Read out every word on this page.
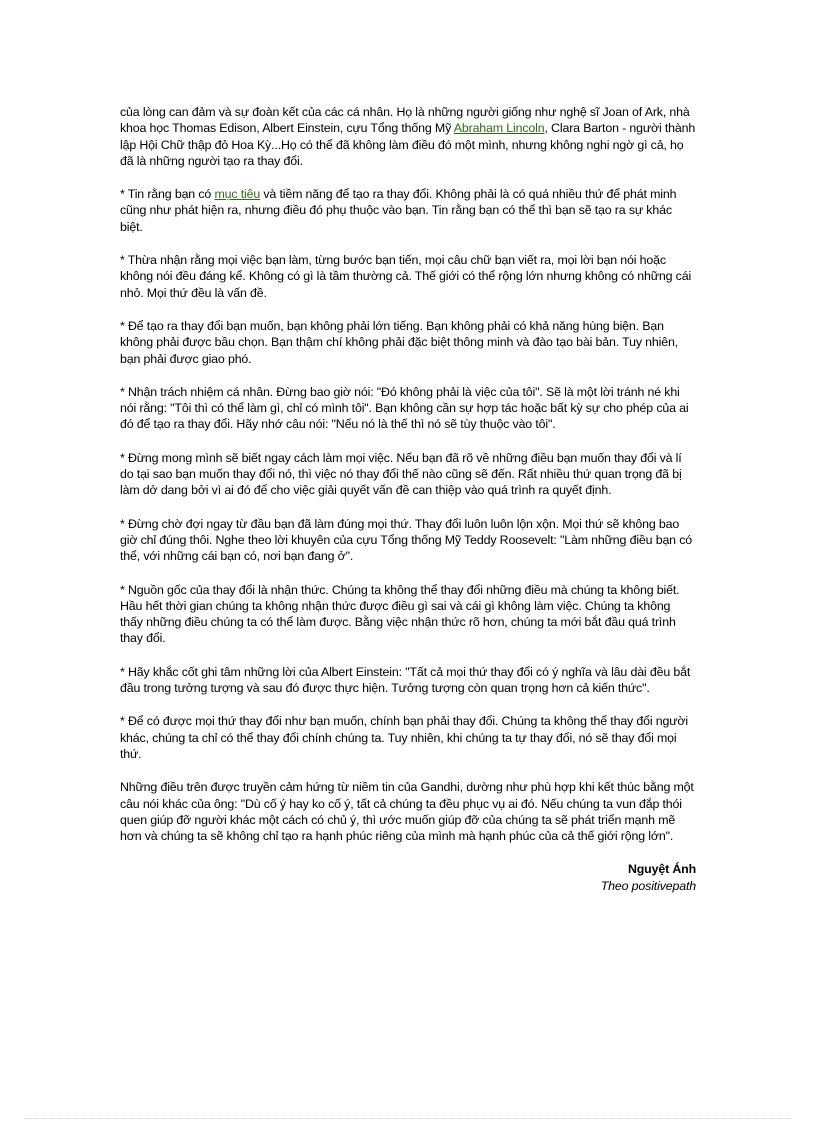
của lòng can đảm và sự đoàn kết của các cá nhân. Họ là những người giống như nghệ sĩ Joan of Ark, nhà khoa học Thomas Edison, Albert Einstein, cựu Tổng thống Mỹ Abraham Lincoln, Clara Barton - người thành lập Hội Chữ thập đỏ Hoa Kỳ...Họ có thể đã không làm điều đó một mình, nhưng không nghi ngờ gì cả, họ đã là những người tạo ra thay đổi.

* Tin rằng bạn có mục tiêu và tiềm năng để tạo ra thay đổi. Không phải là có quá nhiều thứ để phát minh cũng như phát hiện ra, nhưng điều đó phụ thuộc vào bạn. Tin rằng bạn có thể thì bạn sẽ tạo ra sự khác biệt.

* Thừa nhận rằng mọi việc bạn làm, từng bước bạn tiến, mọi câu chữ bạn viết ra, mọi lời bạn nói hoặc không nói đều đáng kể. Không có gì là tầm thường cả. Thế giới có thể rộng lớn nhưng không có những cái nhỏ. Mọi thứ đều là vấn đề.

* Để tạo ra thay đổi bạn muốn, bạn không phải lớn tiếng. Bạn không phải có khả năng hùng biện. Bạn không phải được bầu chọn. Bạn thậm chí không phải đặc biệt thông minh và đào tạo bài bản. Tuy nhiên, bạn phải được giao phó.

* Nhận trách nhiệm cá nhân. Đừng bao giờ nói: "Đó không phải là việc của tôi". Sẽ là một lời tránh né khi nói rằng: "Tôi thì có thể làm gì, chỉ có mình tôi". Bạn không cần sự hợp tác hoặc bất kỳ sự cho phép của ai đó để tạo ra thay đổi. Hãy nhớ câu nói: "Nếu nó là thế thì nó sẽ tùy thuộc vào tôi".

* Đừng mong mình sẽ biết ngay cách làm mọi việc. Nếu bạn đã rõ về những điều bạn muốn thay đổi và lí do tại sao bạn muốn thay đổi nó, thì việc nó thay đổi thế nào cũng sẽ đến. Rất nhiều thứ quan trọng đã bị làm dở dang bởi vì ai đó để cho việc giải quyết vấn đề can thiệp vào quá trình ra quyết định.

* Đừng chờ đợi ngay từ đầu bạn đã làm đúng mọi thứ. Thay đổi luôn luôn lộn xộn. Mọi thứ sẽ không bao giờ chỉ đúng thôi. Nghe theo lời khuyên của cựu Tổng thống Mỹ Teddy Roosevelt: "Làm những điều bạn có thể, với những cái bạn có, nơi bạn đang ở".

* Nguồn gốc của thay đổi là nhận thức. Chúng ta không thể thay đổi những điều mà chúng ta không biết. Hầu hết thời gian chúng ta không nhận thức được điều gì sai và cái gì không làm việc. Chúng ta không thấy những điều chúng ta có thể làm được. Bằng việc nhận thức rõ hơn, chúng ta mới bắt đầu quá trình thay đổi.

* Hãy khắc cốt ghi tâm những lời của Albert Einstein: "Tất cả mọi thứ thay đổi có ý nghĩa và lâu dài đều bắt đầu trong tưởng tượng và sau đó được thực hiện. Tưởng tượng còn quan trọng hơn cả kiến thức".

* Để có được mọi thứ thay đổi như bạn muốn, chính bạn phải thay đổi. Chúng ta không thể thay đổi người khác, chúng ta chỉ có thể thay đổi chính chúng ta. Tuy nhiên, khi chúng ta tự thay đổi, nó sẽ thay đổi mọi thứ.

Những điều trên được truyền cảm hứng từ niềm tin của Gandhi, dường như phù hợp khi kết thúc bằng một câu nói khác của ông: "Dù cố ý hay ko cố ý, tất cả chúng ta đều phục vụ ai đó. Nếu chúng ta vun đắp thói quen giúp đỡ người khác một cách có chủ ý, thì ước muốn giúp đỡ của chúng ta sẽ phát triển mạnh mẽ hơn và chúng ta sẽ không chỉ tạo ra hạnh phúc riêng của mình mà hạnh phúc của cả thế giới rộng lớn".

Nguyệt Ánh
Theo positivepath
